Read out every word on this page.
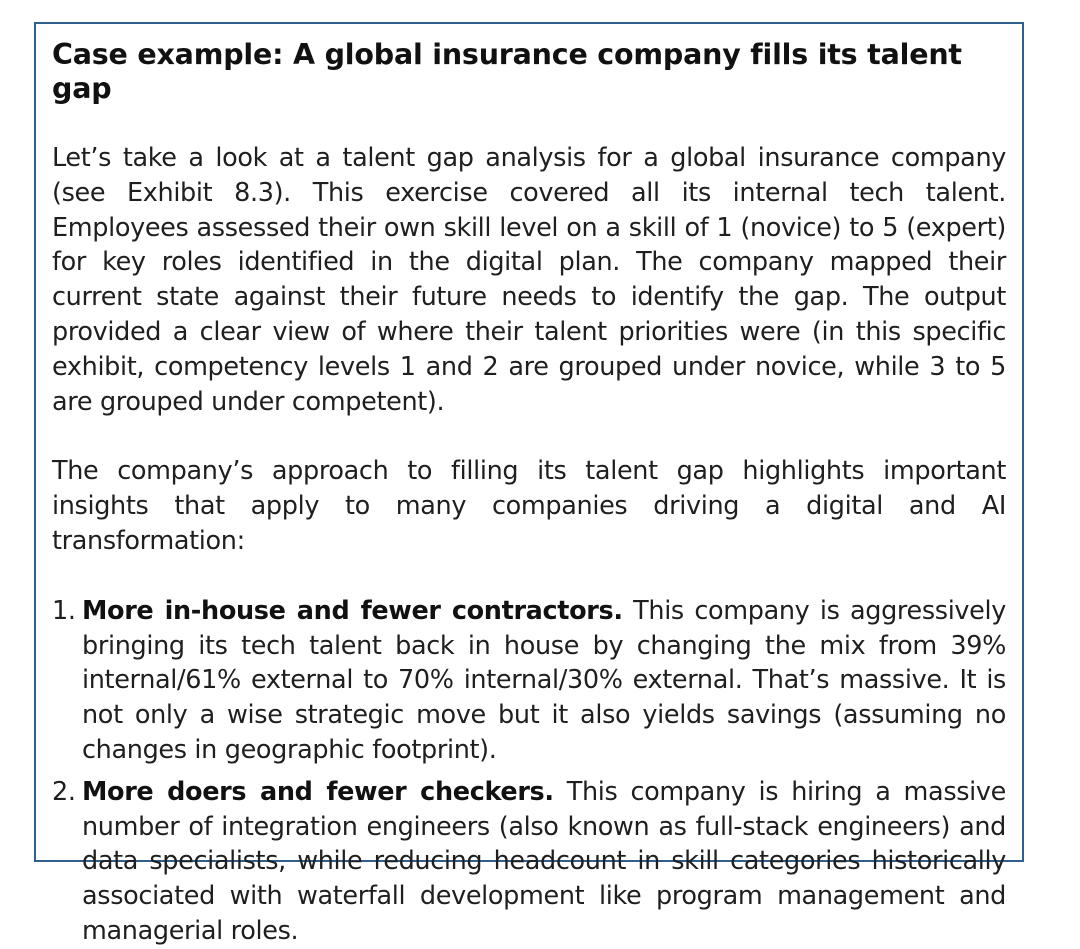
Case example: A global insurance company fills its talent gap

Let’s take a look at a talent gap analysis for a global insurance company (see Exhibit 8.3). This exercise covered all its internal tech talent. Employees assessed their own skill level on a skill of 1 (novice) to 5 (expert) for key roles identified in the digital plan. The company mapped their current state against their future needs to identify the gap. The output provided a clear view of where their talent priorities were (in this specific exhibit, competency levels 1 and 2 are grouped under novice, while 3 to 5 are grouped under competent).

The company’s approach to filling its talent gap highlights important insights that apply to many companies driving a digital and AI transformation:

1. More in-house and fewer contractors. This company is aggressively bringing its tech talent back in house by changing the mix from 39% internal/61% external to 70% internal/30% external. That’s massive. It is not only a wise strategic move but it also yields savings (assuming no changes in geographic footprint).
2. More doers and fewer checkers. This company is hiring a massive number of integration engineers (also known as full-stack engineers) and data specialists, while reducing headcount in skill categories historically associated with waterfall development like program management and managerial roles.
